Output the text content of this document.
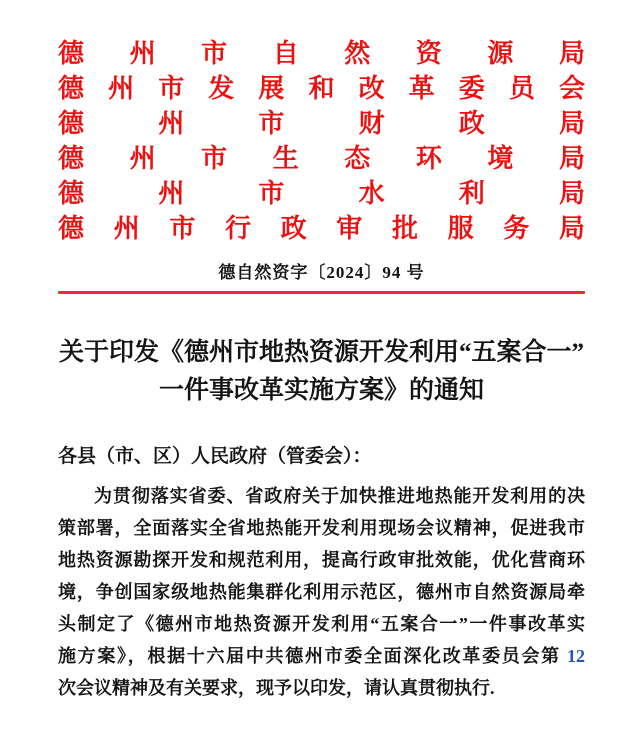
德 州 市 自 然 资 源 局
德 州 市 发 展 和 改 革 委 员 会
德	州	市	财	政	局
德 州 市 生 态 环 境 局
德	州	市	水	利	局
德 州 市 行 政 审 批 服 务 局
德自然资字〔2024〕94 号
关于印发《德州市地热资源开发利用“五案合一”
一件事改革实施方案》的通知
各县（市、区）人民政府（管委会）：
为贯彻落实省委、省政府关于加快推进地热能开发利用的决
策部署，全面落实全省地热能开发利用现场会议精神，促进我市
地热资源勘探开发和规范利用，提高行政审批效能，优化营商环
境，争创国家级地热能集群化利用示范区，德州市自然资源局牵
头制定了《德州市地热资源开发利用“五案合一”一件事改革实
施方案》，根据十六届中共德州市委全面深化改革委员会第 12
次会议精神及有关要求，现予以印发，请认真贯彻执行.
